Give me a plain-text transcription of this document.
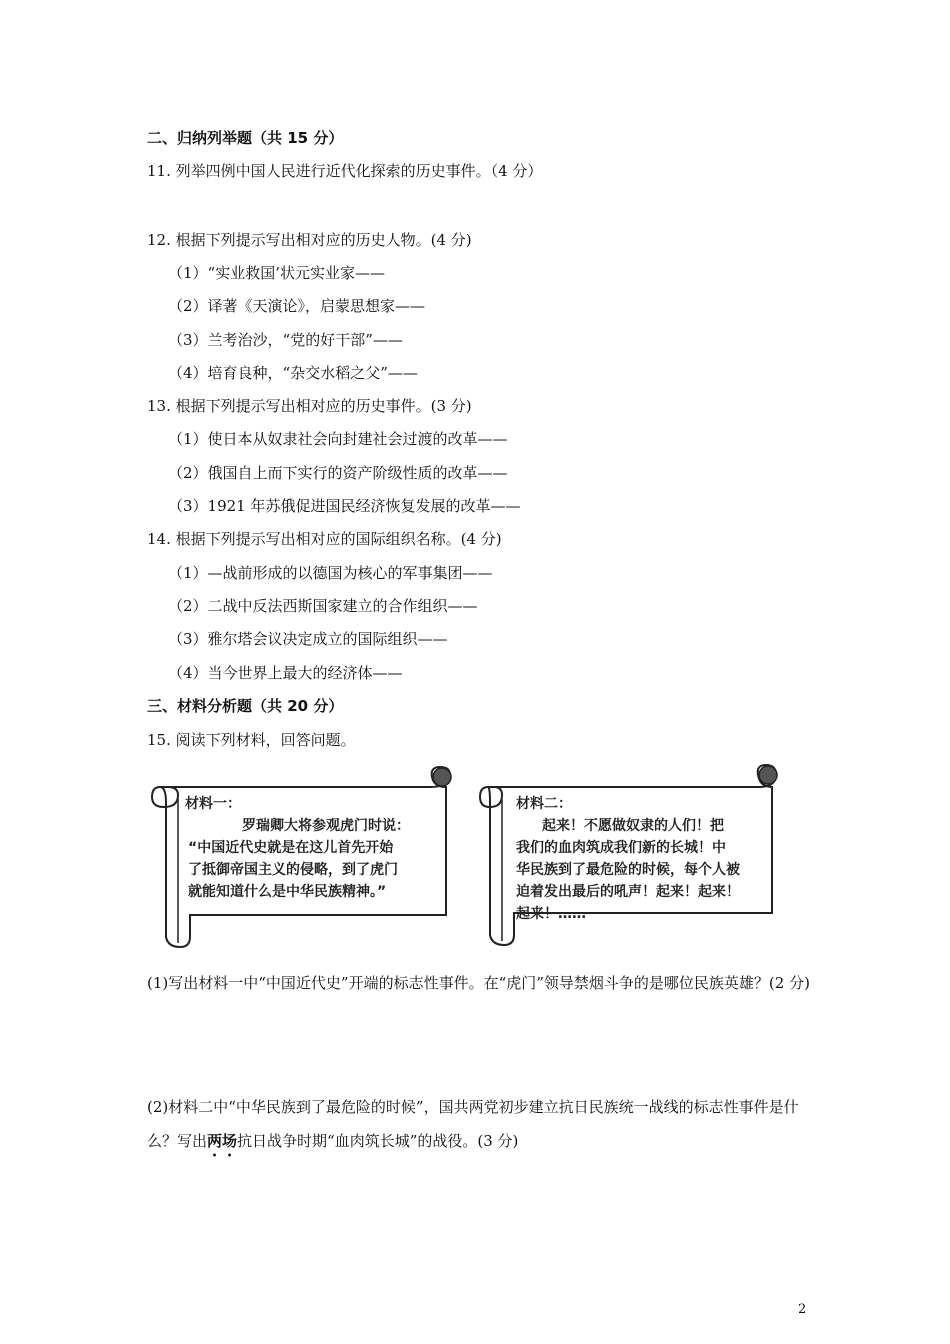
二、归纳列举题（共 15 分）
11. 列举四例中国人民进行近代化探索的历史事件。（4 分）
12. 根据下列提示写出相对应的历史人物。(4 分)
（1）“实业救国’状元实业家——
（2）译著《天演论》，启蒙思想家——
（3）兰考治沙，“党的好干部”——
（4）培育良种，“杂交水稻之父”——
13. 根据下列提示写出相对应的历史事件。(3 分)
（1）使日本从奴隶社会向封建社会过渡的改革——
（2）俄国自上而下实行的资产阶级性质的改革——
（3）1921 年苏俄促进国民经济恢复发展的改革——
14. 根据下列提示写出相对应的国际组织名称。(4 分)
（1）—战前形成的以德国为核心的军事集团——
（2）二战中反法西斯国家建立的合作组织——
（3）雅尔塔会议决定成立的国际组织——
（4）当今世界上最大的经济体——
三、材料分析题（共 20 分）
15. 阅读下列材料，回答问题。
材料一：
罗瑞卿大将参观虎门时说：
“中国近代史就是在这儿首先开始
了抵御帝国主义的侵略，到了虎门
就能知道什么是中华民族精神。”
材料二：
起来！不愿做奴隶的人们！把
我们的血肉筑成我们新的长城！中
华民族到了最危险的时候，每个人被
迫着发出最后的吼声！起来！起来！
起来！……
(1)写出材料一中“中国近代史”开端的标志性事件。在“虎门”领导禁烟斗争的是哪位民族英雄？(2 分)
(2)材料二中“中华民族到了最危险的时候”，国共两党初步建立抗日民族统一战线的标志性事件是什么？写出两场抗日战争时期“血肉筑长城”的战役。(3 分)
2
